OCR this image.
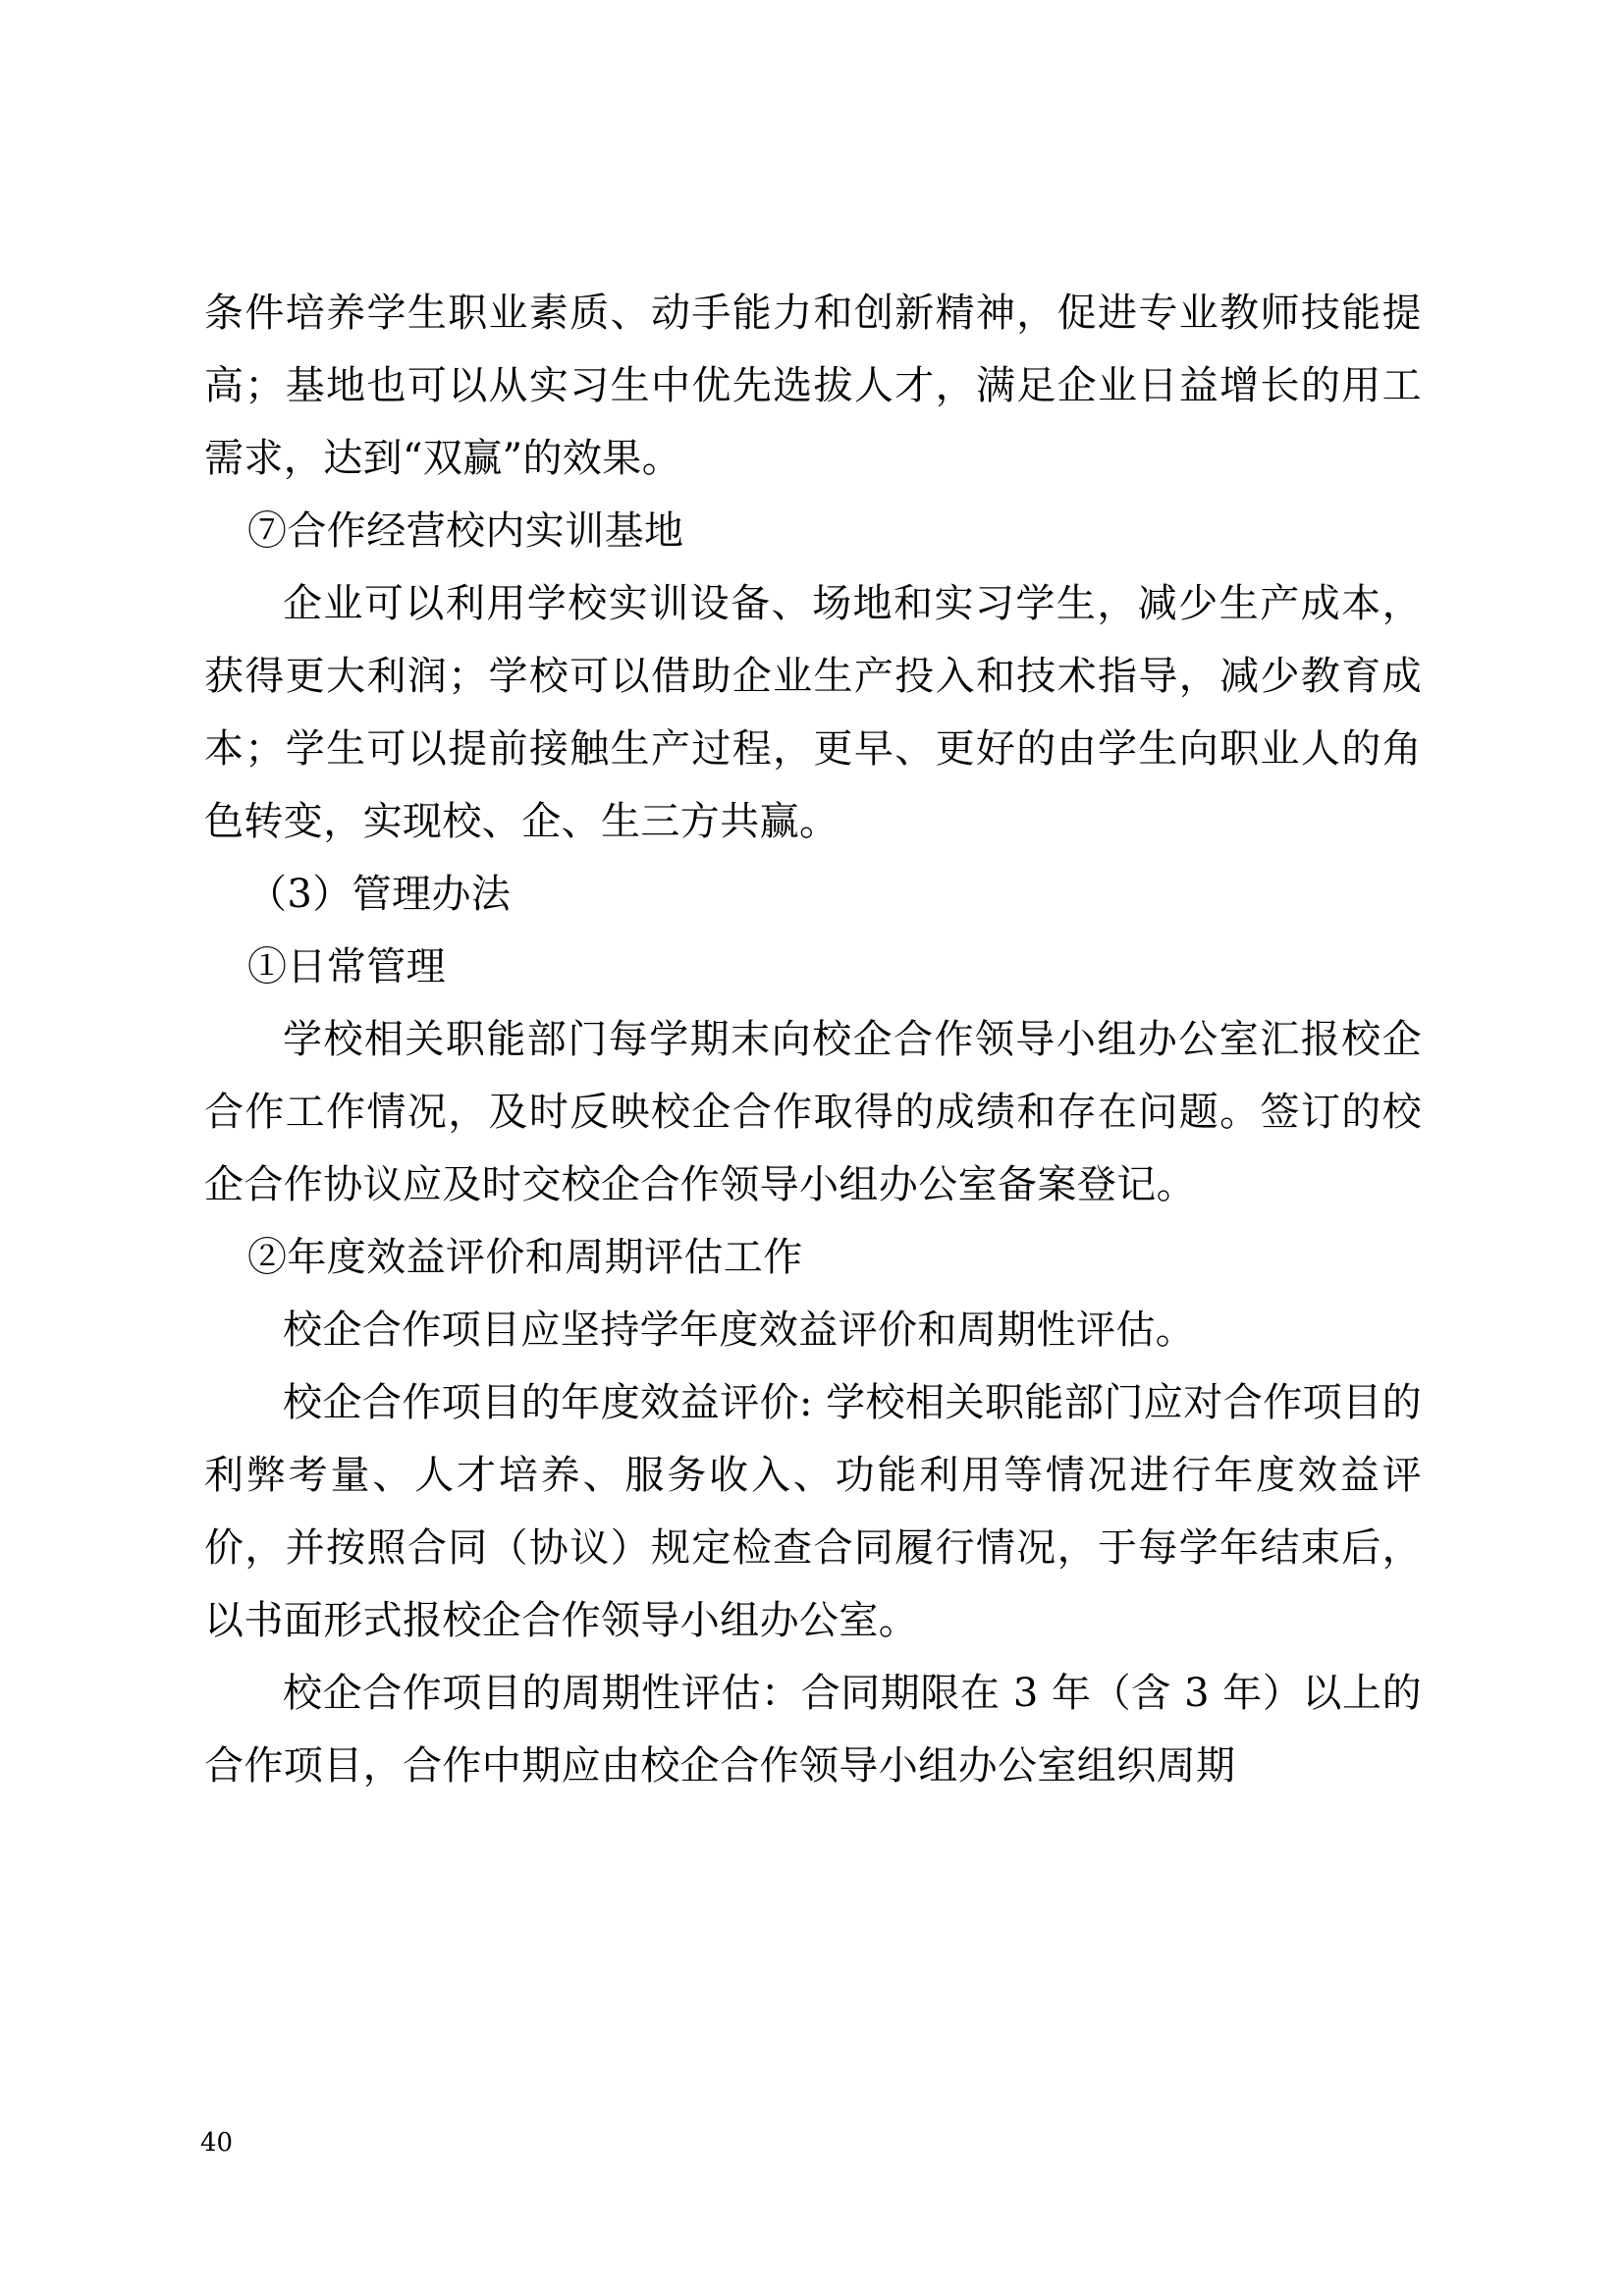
条件培养学生职业素质、动手能力和创新精神，促进专业教师技能提高；基地也可以从实习生中优先选拔人才，满足企业日益增长的用工需求，达到“双赢”的效果。

⑦合作经营校内实训基地

企业可以利用学校实训设备、场地和实习学生，减少生产成本，获得更大利润；学校可以借助企业生产投入和技术指导，减少教育成本；学生可以提前接触生产过程，更早、更好的由学生向职业人的角色转变，实现校、企、生三方共赢。

（3）管理办法

①日常管理

学校相关职能部门每学期末向校企合作领导小组办公室汇报校企合作工作情况，及时反映校企合作取得的成绩和存在问题。签订的校企合作协议应及时交校企合作领导小组办公室备案登记。

②年度效益评价和周期评估工作

校企合作项目应坚持学年度效益评价和周期性评估。

校企合作项目的年度效益评价: 学校相关职能部门应对合作项目的利弊考量、人才培养、服务收入、功能利用等情况进行年度效益评价，并按照合同（协议）规定检查合同履行情况，于每学年结束后，以书面形式报校企合作领导小组办公室。

校企合作项目的周期性评估：合同期限在 3 年（含 3 年）以上的合作项目，合作中期应由校企合作领导小组办公室组织周期

40
